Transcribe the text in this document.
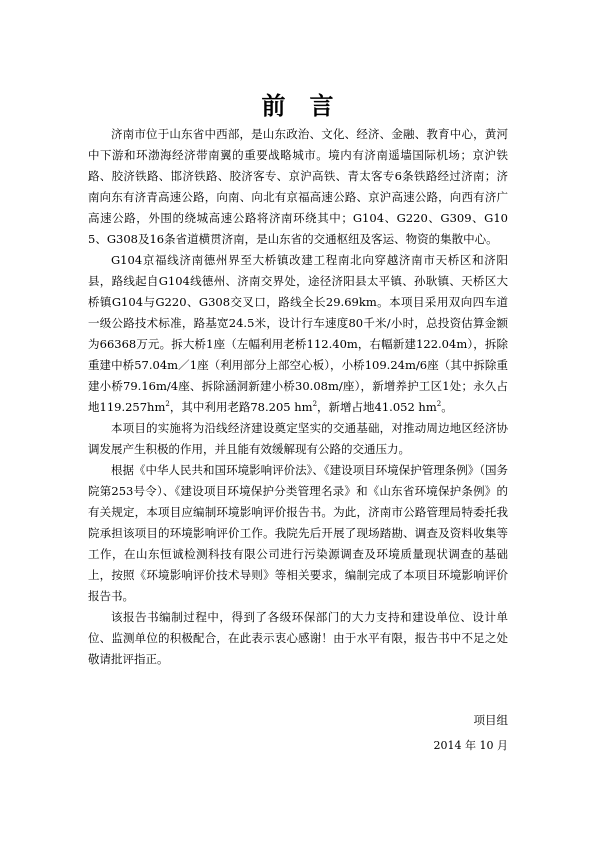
前言

济南市位于山东省中西部，是山东政治、文化、经济、金融、教育中心，黄河中下游和环渤海经济带南翼的重要战略城市。境内有济南遥墙国际机场；京沪铁路、胶济铁路、邯济铁路、胶济客专、京沪高铁、青太客专6条铁路经过济南；济南向东有济青高速公路，向南、向北有京福高速公路、京沪高速公路，向西有济广高速公路，外围的绕城高速公路将济南环绕其中；G104、G220、G309、G105、G308及16条省道横贯济南，是山东省的交通枢纽及客运、物资的集散中心。

G104京福线济南德州界至大桥镇改建工程南北向穿越济南市天桥区和济阳县，路线起自G104线德州、济南交界处，途径济阳县太平镇、孙耿镇、天桥区大桥镇G104与G220、G308交叉口，路线全长29.69km。本项目采用双向四车道一级公路技术标准，路基宽24.5米，设计行车速度80千米/小时，总投资估算金额为66368万元。拆大桥1座（左幅利用老桥112.40m，右幅新建122.04m），拆除重建中桥57.04m／1座（利用部分上部空心板），小桥109.24m/6座（其中拆除重建小桥79.16m/4座、拆除涵洞新建小桥30.08m/座），新增养护工区1处；永久占地$119.257hm^2$，其中利用老路78.205 $hm^2$，新增占地41.052 $hm^2$。

本项目的实施将为沿线经济建设奠定坚实的交通基础，对推动周边地区经济协调发展产生积极的作用，并且能有效缓解现有公路的交通压力。

根据《中华人民共和国环境影响评价法》、《建设项目环境保护管理条例》（国务院第253号令）、《建设项目环境保护分类管理名录》和《山东省环境保护条例》的有关规定，本项目应编制环境影响评价报告书。为此，济南市公路管理局特委托我院承担该项目的环境影响评价工作。我院先后开展了现场踏勘、调查及资料收集等工作，在山东恒诚检测科技有限公司进行污染源调查及环境质量现状调查的基础上，按照《环境影响评价技术导则》等相关要求，编制完成了本项目环境影响评价报告书。

该报告书编制过程中，得到了各级环保部门的大力支持和建设单位、设计单位、监测单位的积极配合，在此表示衷心感谢！由于水平有限，报告书中不足之处敬请批评指正。

项目组
2014 年 10 月
